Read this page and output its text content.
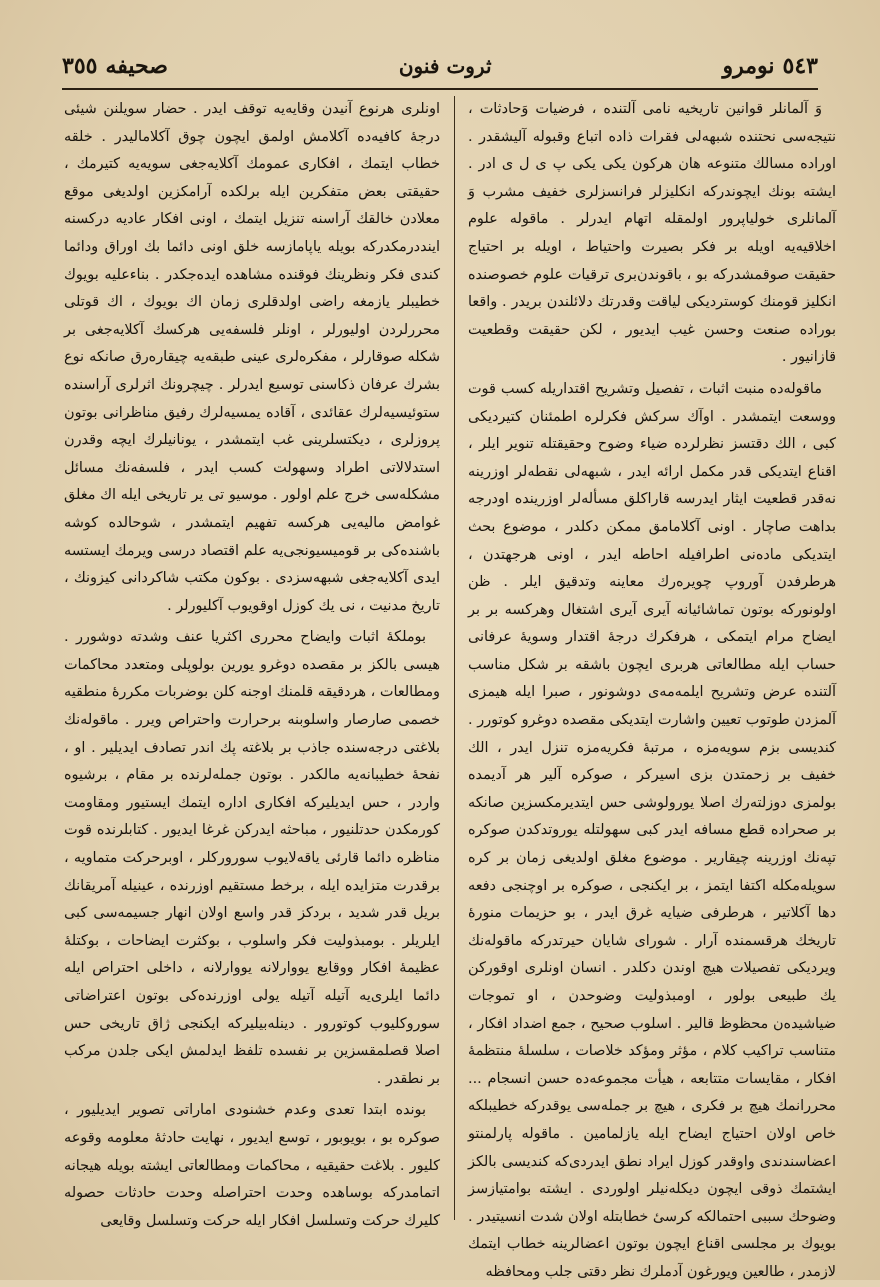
٣٥٥ صحیفه	ثروت فنون	نومرو ٥٤٣

وَ آلمانلر قوانین تاریخیه نامی آلتنده ، فرضیات وَحادثات ، نتیجه‌سی نحتنده شبهه‌لی فقرات ذاده اتباع وقبوله آلیشقدر . اوراده مسالك متنوعه هان هركون یکی یکی پ ی ل ی ادر . ایشته بونك ایچوندرکه انکلیزلر فرانسزلری خفیف مشرب وَ آلمانلری خولیاپرور اولمقله اتهام ایدرلر . ماقوله علوم اخلاقیه‌یه اویله بر فکر بصیرت واحتیاط ، اویله بر احتیاج حقیقت صوقمشدرکه بو ، باقوندن‌بری ترقیات علوم خصوصنده انکلیز قومنك کوستردیکی لیاقت وقدرتك دلائلندن بریدر . واقعا بوراده صنعت وحسن غیب ایدیور ، لکن حقیقت وقطعیت قازانیور .

ماقوله‌ده منبت اثبات ، تفصیل وتشریح اقتداریله کسب قوت ووسعت ایتمشدر . اوآك سرکش فکرلره اطمئنان کتیردیکی کبی ، الك دقتسز نظرلرده ضیاء وضوح وحقیقتله تنویر ایلر ، اقناع ایتدیکی قدر مکمل ارائه ایدر ، شبهه‌لی نقطه‌لر اوزرینه نه‌قدر قطعیت ایثار ایدرسه قارا‌کلق مسأله‌لر اوزرینده اودرجه بداهت صاچار . اونی آکلامامق ممکن دکلدر ، موضوع بحث ایتدیکی ماده‌نی اطرافیله احاطه ایدر ، اونی هرجهتدن ، هرطرفدن آوروپ چویره‌رك معاینه وتدقیق ایلر . ظن اولونورکه بوتون تماشائیانه آیری آیری اشتغال وهرکسه بر بر ایضاح مرام ایتمکی ، هرفکرك درجهٔ اقتدار وسویهٔ عرفانی حساب ایله مطالعاتی هربری ایچون باشقه بر شکل مناسب آلتنده عرض وتشریح ایلمه‌مه‌ی دوشونور ، صبرا ایله هیمزی آلمزدن طوتوب تعیین واشارت ایتدیکی مقصده دوغرو کوتورر . کندیسی بزم سویه‌مزه ، مرتبهٔ فکریه‌مزه تنزل ایدر ، الك خفیف بر زحمتدن بزی اسیرکر ، صوکره آلیر هر آدیمده بولمزی دوزلته‌رك اصلا یورولوشی حس ایتدیرمکسزین صانکه بر صحراده قطع مسافه ایدر کبی سهولتله یوروتدکدن صوکره تپه‌نك اوزرینه چیقاریر . موضوع مغلق اولدیغی زمان بر کره سویله‌مکله اکتفا ایتمز ، بر ایکنجی ، صوکره بر اوچنجی دفعه دها آکلاتیر ، هرطرفی ضیایه غرق ایدر ، بو حزیمات منورهٔ تاریخك هرقسمنده آرار . شورای شایان حیرتدرکه ماقوله‌نك ویردیکی تفصیلات هیچ اوندن دکلدر . انسان اونلری اوقورکن یك طبیعی بولور ، اومبذولیت وضوحدن ، او تموجات ضیاشیده‌ن محظوظ قالیر . اسلوب صحیح ، جمع اضداد افکار ، متناسب تراکیب کلام ، مؤثر ومؤکد خلاصات ، سلسلهٔ منتظمهٔ افکار ، مقایسات متتابعه ، هیأت مجموعه‌ده حسن انسجام ... محررانمك هیچ بر فکری ، هیچ بر جمله‌سی یوقدرکه خطیبلکه خاص اولان احتیاج ایضاح ایله یازلمامین . ماقوله پارلمنتو اعضاسندندی واوقدر کوزل ایراد نطق ایدردی‌که کندیسی بالکز ایشتمك ذوقی ایچون دیکله‌نیلر اولوردی . ایشته بوامتیازسز وضوحك سببی احتمالکه کرسیٔ خطابتله اولان شدت انسیتیدر . بویوك بر مجلسی اقناع ایچون بوتون اعضالرینه خطاب ایتمك لازمدر ، طالعین ویورغون آدملرك نظر دقتی جلب ومحافظه

اونلری هرنوع آنیدن وقایه‌یه توقف ایدر . حضار سویلنن شیئی درجهٔ کافیه‌ده آکلامش اولمق ایچون چوق آکلامالیدر . خلقه خطاب ایتمك ، افکاری عمومك آکلایه‌جغی سویه‌یه کتیرمك ، حقیقتی بعض متفکرین ایله برلکده آرامکزین اولدیغی موقع معلادن خالقك آراسنه تنزیل ایتمك ، اونی افکار عادیه درکسنه اینددرمکدرکه بویله یاپامازسه خلق اونی دائما بك اوراق ودائما کندی فکر ونظرینك فوقنده مشاهده ایده‌جکدر . بناءعلیه بویوك خطیبلر یازمغه راضی اولدقلری زمان اك بویوك ، اك قوتلی محررلردن اولیورلر ، اونلر فلسفه‌یی هرکسك آکلایه‌جغی بر شکله صوقارلر ، مفکره‌لری عینی طبقه‌یه چیقاره‌رق صانکه نوع بشرك عرفان ذکاسنی توسیع ایدرلر . چیچرونك اثرلری آراسنده ستوئیسیه‌لرك عقائدی ، آقاده یمسیه‌لرك رفیق مناظرانی بوتون پروزلری ، دیکتسلرینی غب ایتمشدر ، یونانیلرك ایچه وقدرن استدلالاتی اطراد وسهولت کسب ایدر ، فلسفه‌نك مسائل مشکله‌سی خرج علم اولور . موسیو تی یر تاریخی ایله اك مغلق غوامض مالیه‌یی هرکسه تفهیم ایتمشدر ، شو‌حالده کوشه باشنده‌کی بر قومیسیونجی‌یه علم اقتصاد درسی ویرمك ایستسه ایدی آکلایه‌جغی شبهه‌سزدی . بوکون مکتب شاکردانی کیزونك ، تاریخ مدنیت ، نی یك کوزل اوقویوب آکلیورلر .

بوملکهٔ اثبات وایضاح محرری اکثریا عنف وشدته دوشورر . هیسی بالکز بر مقصده دوغرو یورین بولوپلی ومتعدد محاکمات ومطالعات ، هردقیقه قلمنك اوجنه کلن بوضربات مکررهٔ منطقیه خصمی صارصار واسلوبنه برحرارت واحتراص ویرر . ماقوله‌نك بلاغتی درجه‌سنده جاذب بر بلاغته پك اندر تصادف ایدیلیر . او ، نفحهٔ خطیبانه‌یه مالکدر . بوتون جمله‌لرنده بر مقام ، برشیوه واردر ، حس ایدیلیرکه افکاری اداره ایتمك ایستیور ومقاومت کورمکدن حدتلنیور ، مباحثه ایدرکن غرغا ایدیور . کتابلرنده قوت مناظره دائما قارئی یاقه‌لایوب سورورکلر ، اوبرحرکت متماویه ، برقدرت متزایده ایله ، برخط مستقیم اوزرنده ، عینیله آمریقانك بریل قدر شدید ، بردکز قدر واسع اولان انهار جسیمه‌سی کبی ایلریلر . بومبذولیت فکر واسلوب ، بوکثرت ایضاحات ، بوکتلهٔ عظیمهٔ افکار ووقایع یووارلانه یووارلانه ، داخلی احتراص ایله دائما ایلری‌یه آتیله آتیله یولی اوزرنده‌کی بوتون اعتراضاتی سوروکلیوب کوتورور . دینله‌بیلیرکه ایکنجی ژاق تاریخی حس اصلا قصلمقسزین بر نفسده تلفظ ایدلمش ایکی جلدن مرکب بر نطقدر .

بونده ابتدا تعدی وعدم خشنودی اماراتی تصویر ایدیلیور ، صوکره بو ، بویوبور ، توسع ایدیور ، نهایت حادثهٔ معلومه وقوعه کلیور . بلاغت حقیقیه ، محاکمات ومطالعاتی ایشته بویله هیجانه اتمامدرکه بوساهده وحدت احتراصله وحدت حادثات حصوله کلیرك حرکت وتسلسل افکار ایله حرکت وتسلسل وقایعی
